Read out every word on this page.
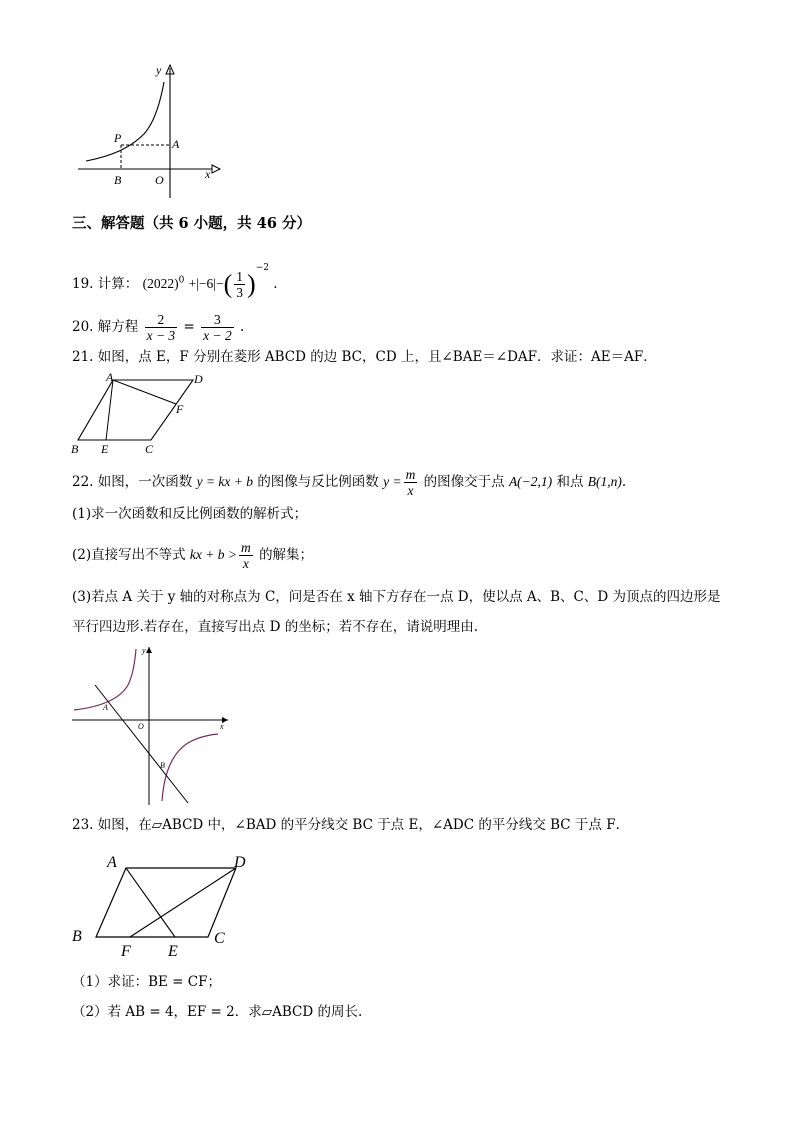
y
x
P	A
B	O
三、解答题（共 6 小题，共 46 分）
19. 计算： $(2022)^0 +|-6|-( \frac{1}{3} )^{-2}$ .
20. 解方程 $\frac{2}{x - 3} = \frac{3}{x - 2}$ .
21. 如图，点 E，F 分别在菱形 ABCD 的边 BC，CD 上，且∠BAE＝∠DAF．求证：AE＝AF．
A	D
F
B E	C
22. 如图，一次函数 y = kx + b 的图像与反比例函数 $y = \frac{m}{x}$ 的图像交于点 A(−2,1) 和点 B(1,n).
(1)求一次函数和反比例函数的解析式；
(2)直接写出不等式 kx + $b > \frac{m}{x}$ 的解集；
(3)若点 A 关于 y 轴的对称点为 C，问是否在 x 轴下方存在一点 D，使以点 A、B、C、D 为顶点的四边形是
平行四边形.若存在，直接写出点 D 的坐标；若不存在，请说明理由.
y
x
A
O
B
23. 如图，在▱ABCD 中，∠BAD 的平分线交 BC 于点 E，∠ADC 的平分线交 BC 于点 F．
A	D
B
F E
C
（1）求证：BE = CF；
（2）若 AB = 4，EF = 2．求▱ABCD 的周长.
